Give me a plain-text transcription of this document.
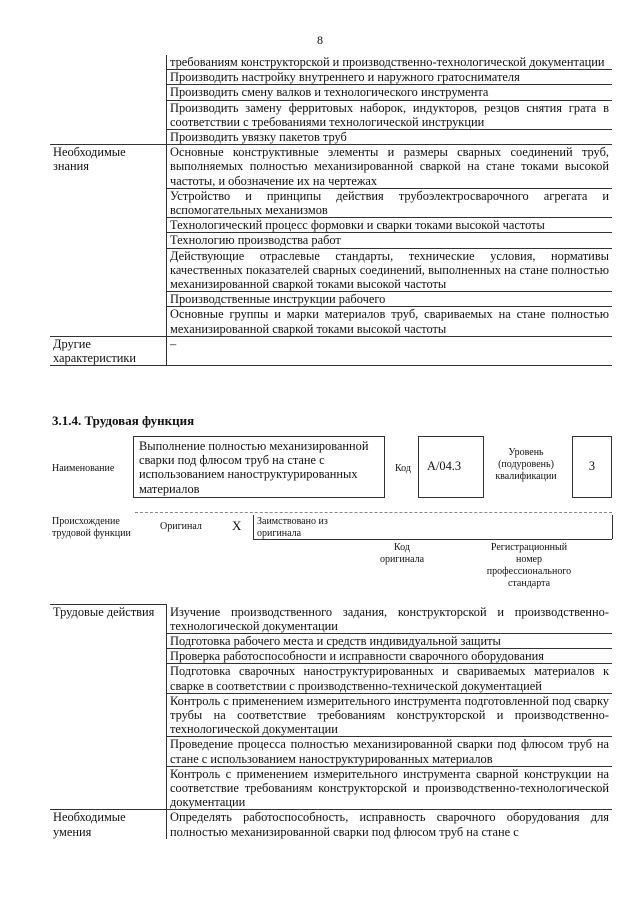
8
	требованиям конструкторской и производственно-технологической документации
	Производить настройку внутреннего и наружного гратоснимателя
	Производить смену валков и технологического инструмента
	Производить замену ферритовых наборок, индукторов, резцов снятия грата в соответствии с требованиями технологической инструкции
	Производить увязку пакетов труб
Необходимые знания	Основные конструктивные элементы и размеры сварных соединений труб, выполняемых полностью механизированной сваркой на стане токами высокой частоты, и обозначение их на чертежах
	Устройство и принципы действия трубоэлектросварочного агрегата и вспомогательных механизмов
	Технологический процесс формовки и сварки токами высокой частоты
	Технологию производства работ
	Действующие отраслевые стандарты, технические условия, нормативы качественных показателей сварных соединений, выполненных на стане полностью механизированной сваркой токами высокой частоты
	Производственные инструкции рабочего
	Основные группы и марки материалов труб, свариваемых на стане полностью механизированной сваркой токами высокой частоты
Другие характеристики	–
3.1.4. Трудовая функция
Наименование
Выполнение полностью механизированной сварки под флюсом труб на стане с использованием наноструктурированных материалов
Код	А/04.3
Уровень (подуровень) квалификации
3
Происхождение трудовой функции
Оригинал X Заимствовано из оригинала
Код оригинала
Регистрационный номер профессионального стандарта
Трудовые действия	Изучение производственного задания, конструкторской и производственно-технологической документации
	Подготовка рабочего места и средств индивидуальной защиты
	Проверка работоспособности и исправности сварочного оборудования
	Подготовка сварочных наноструктурированных и свариваемых материалов к сварке в соответствии с производственно-технической документацией
	Контроль с применением измерительного инструмента подготовленной под сварку трубы на соответствие требованиям конструкторской и производственно-технологической документации
	Проведение процесса полностью механизированной сварки под флюсом труб на стане с использованием наноструктурированных материалов
	Контроль с применением измерительного инструмента сварной конструкции на соответствие требованиям конструкторской и производственно-технологической документации
Необходимые умения	Определять работоспособность, исправность сварочного оборудования для полностью механизированной сварки под флюсом труб на стане с
